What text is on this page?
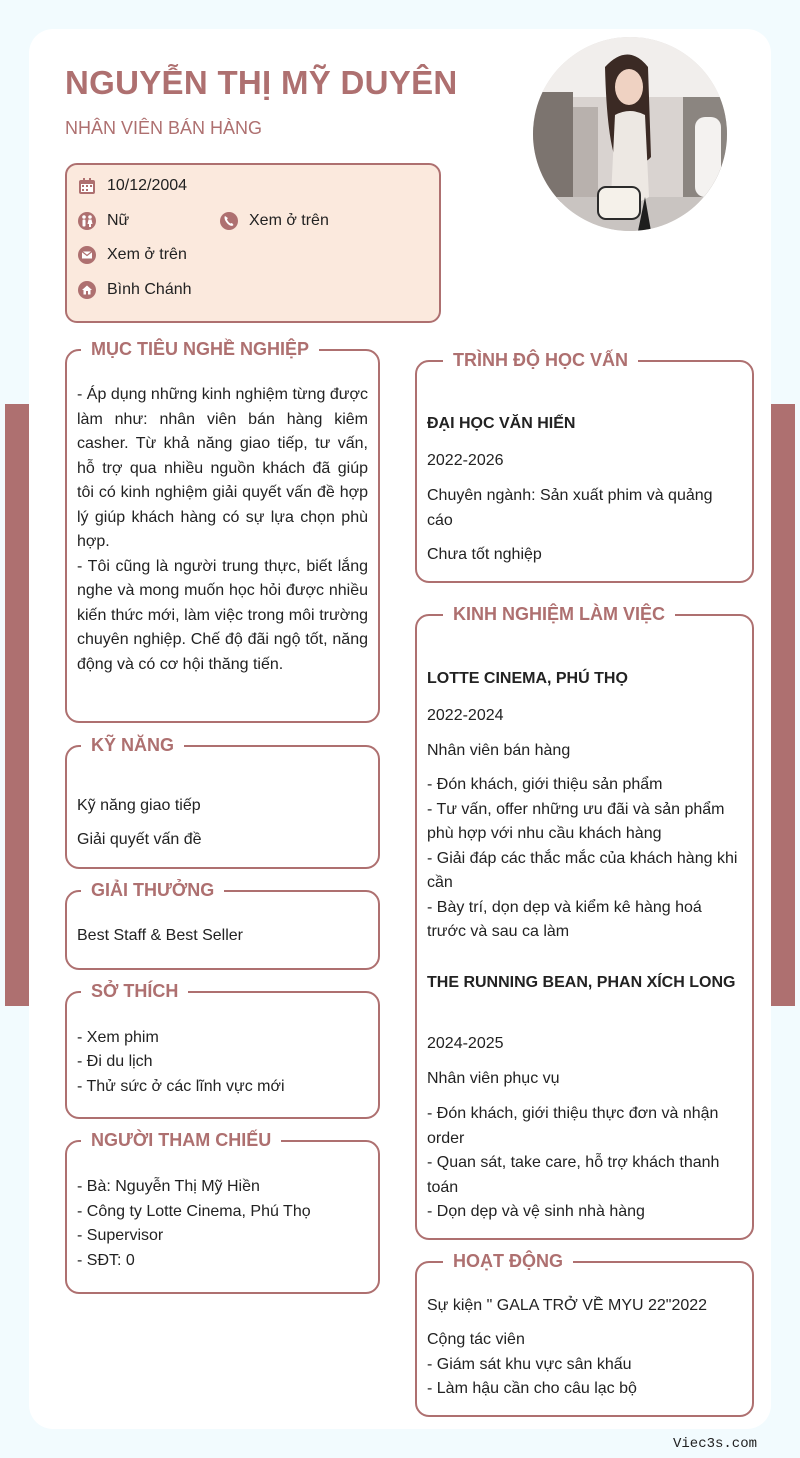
NGUYỄN THỊ MỸ DUYÊN
NHÂN VIÊN BÁN HÀNG
10/12/2004
Nữ	Xem ở trên
Xem ở trên
Bình Chánh
MỤC TIÊU NGHỀ NGHIỆP
- Áp dụng những kinh nghiệm từng được làm như: nhân viên bán hàng kiêm casher. Từ khả năng giao tiếp, tư vấn, hỗ trợ qua nhiều nguồn khách đã giúp tôi có kinh nghiệm giải quyết vấn đề hợp lý giúp khách hàng có sự lựa chọn phù hợp.
- Tôi cũng là người trung thực, biết lắng nghe và mong muốn học hỏi được nhiều kiến thức mới, làm việc trong môi trường chuyên nghiệp. Chế độ đãi ngộ tốt, năng động và có cơ hội thăng tiến.
KỸ NĂNG
Kỹ năng giao tiếp
Giải quyết vấn đề
GIẢI THƯỞNG
Best Staff & Best Seller
SỞ THÍCH
- Xem phim
- Đi du lịch
- Thử sức ở các lĩnh vực mới
NGƯỜI THAM CHIẾU
- Bà: Nguyễn Thị Mỹ Hiền
- Công ty Lotte Cinema, Phú Thọ
- Supervisor
- SĐT: 0
TRÌNH ĐỘ HỌC VẤN
ĐẠI HỌC VĂN HIẾN
2022-2026
Chuyên ngành: Sản xuất phim và quảng cáo
Chưa tốt nghiệp
KINH NGHIỆM LÀM VIỆC
LOTTE CINEMA, PHÚ THỌ
2022-2024
Nhân viên bán hàng
- Đón khách, giới thiệu sản phẩm
- Tư vấn, offer những ưu đãi và sản phẩm phù hợp với nhu cầu khách hàng
- Giải đáp các thắc mắc của khách hàng khi cần
- Bày trí, dọn dẹp và kiểm kê hàng hoá trước và sau ca làm
THE RUNNING BEAN, PHAN XÍCH LONG
2024-2025
Nhân viên phục vụ
- Đón khách, giới thiệu thực đơn và nhận order
- Quan sát, take care, hỗ trợ khách thanh toán
- Dọn dẹp và vệ sinh nhà hàng
HOẠT ĐỘNG
Sự kiện " GALA TRỞ VỀ MYU 22"2022
Cộng tác viên
- Giám sát khu vực sân khấu
- Làm hậu cần cho câu lạc bộ
Viec3s.com
